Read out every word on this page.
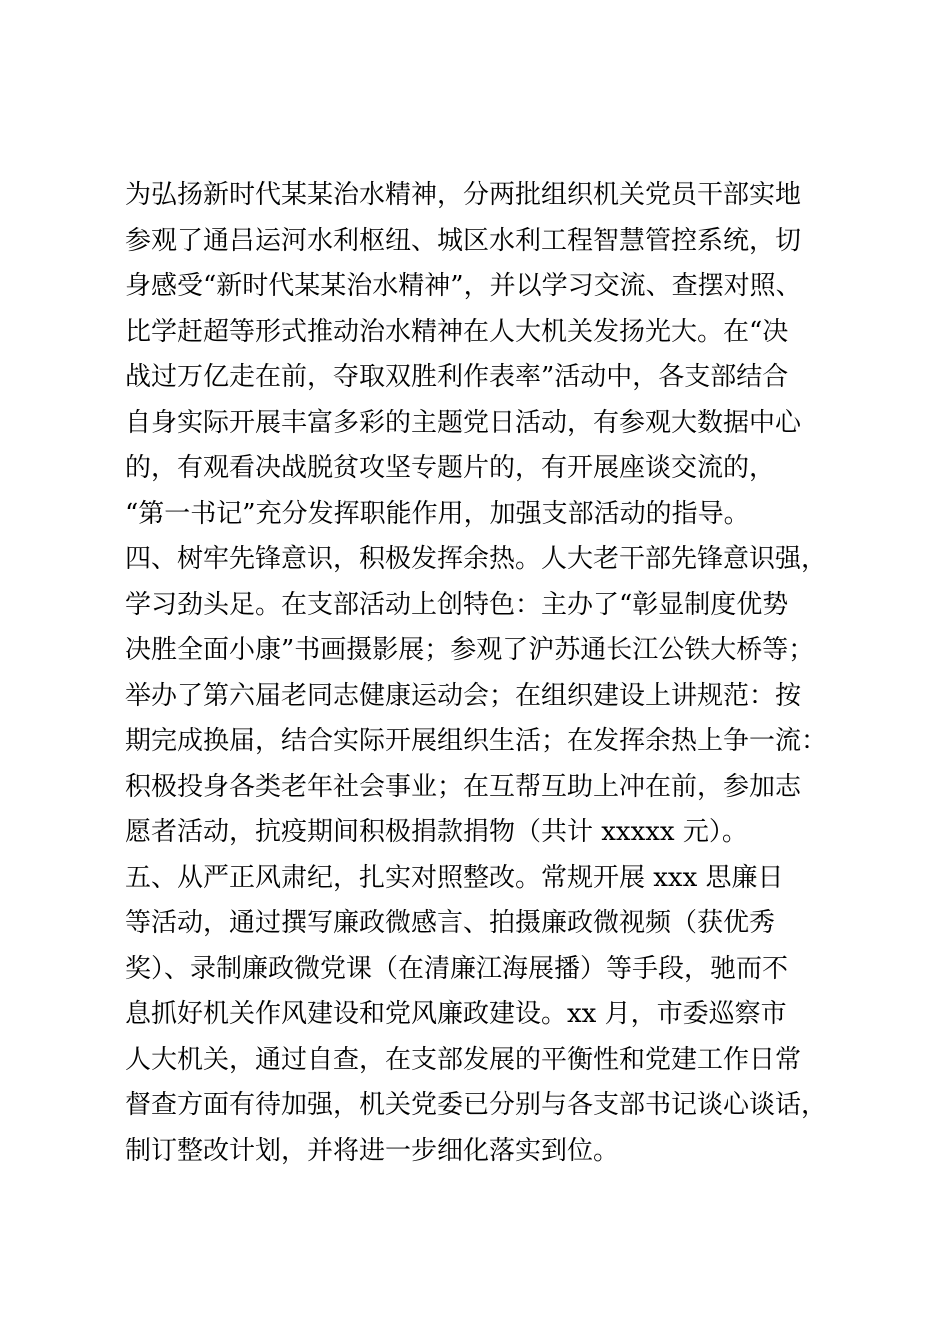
为弘扬新时代某某治水精神，分两批组织机关党员干部实地
参观了通吕运河水利枢纽、城区水利工程智慧管控系统，切
身感受“新时代某某治水精神”，并以学习交流、查摆对照、
比学赶超等形式推动治水精神在人大机关发扬光大。在“决
战过万亿走在前，夺取双胜利作表率”活动中，各支部结合
自身实际开展丰富多彩的主题党日活动，有参观大数据中心
的，有观看决战脱贫攻坚专题片的，有开展座谈交流的，
“第一书记”充分发挥职能作用，加强支部活动的指导。
四、树牢先锋意识，积极发挥余热。人大老干部先锋意识强，
学习劲头足。在支部活动上创特色：主办了“彰显制度优势
决胜全面小康”书画摄影展；参观了沪苏通长江公铁大桥等；
举办了第六届老同志健康运动会；在组织建设上讲规范：按
期完成换届，结合实际开展组织生活；在发挥余热上争一流：
积极投身各类老年社会事业；在互帮互助上冲在前，参加志
愿者活动，抗疫期间积极捐款捐物（共计 xxxxx 元）。
五、从严正风肃纪，扎实对照整改。常规开展 xxx 思廉日
等活动，通过撰写廉政微感言、拍摄廉政微视频（获优秀
奖）、录制廉政微党课（在清廉江海展播）等手段，驰而不
息抓好机关作风建设和党风廉政建设。xx 月，市委巡察市
人大机关，通过自查，在支部发展的平衡性和党建工作日常
督查方面有待加强，机关党委已分别与各支部书记谈心谈话，
制订整改计划，并将进一步细化落实到位。
